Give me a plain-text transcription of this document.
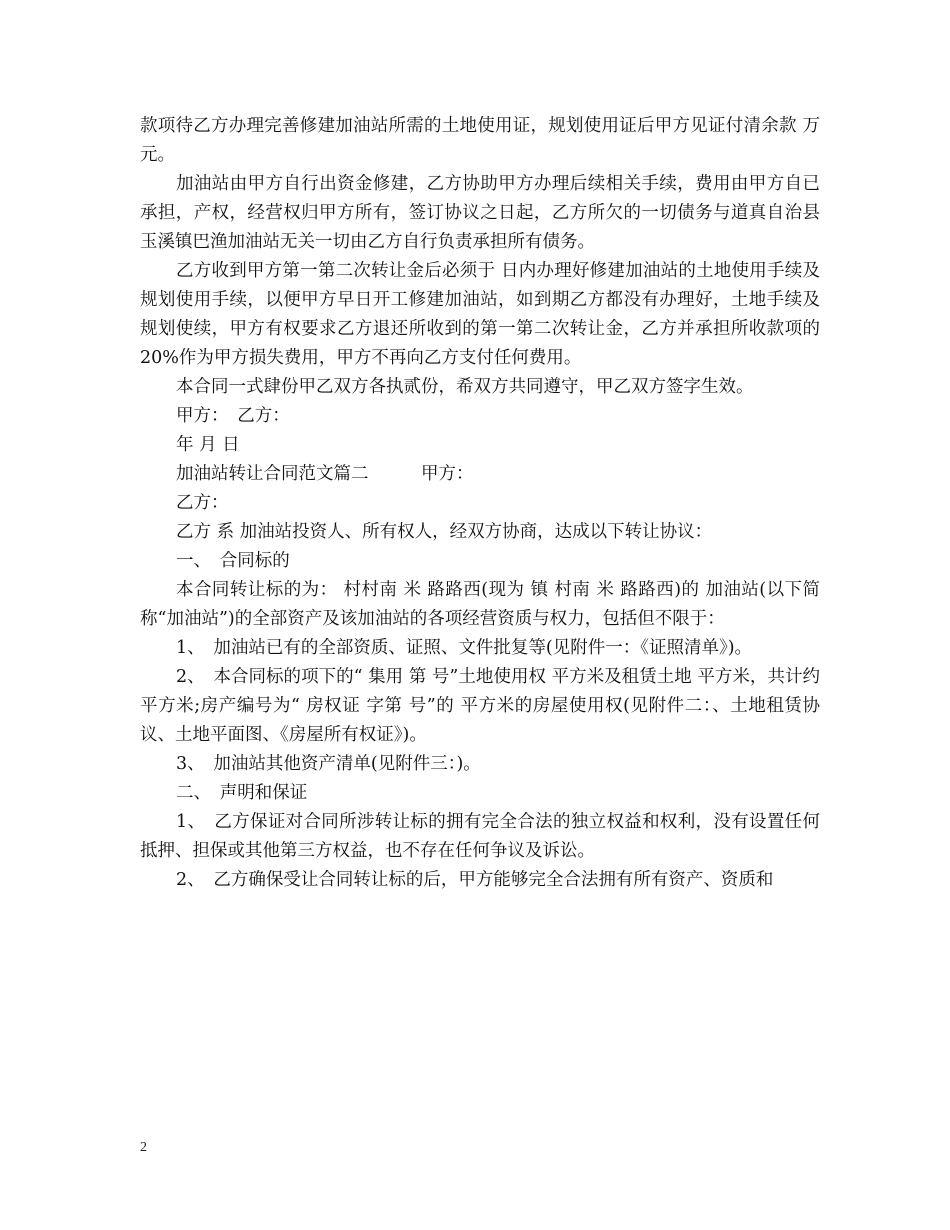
款项待乙方办理完善修建加油站所需的土地使用证，规划使用证后甲方见证付清余款 万元。

加油站由甲方自行出资金修建，乙方协助甲方办理后续相关手续，费用由甲方自已承担，产权，经营权归甲方所有，签订协议之日起，乙方所欠的一切债务与道真自治县玉溪镇巴渔加油站无关一切由乙方自行负责承担所有债务。

乙方收到甲方第一第二次转让金后必须于 日内办理好修建加油站的土地使用手续及规划使用手续，以便甲方早日开工修建加油站，如到期乙方都没有办理好，土地手续及规划使续，甲方有权要求乙方退还所收到的第一第二次转让金，乙方并承担所收款项的20%作为甲方损失费用，甲方不再向乙方支付任何费用。

本合同一式肆份甲乙双方各执贰份，希双方共同遵守，甲乙双方签字生效。

甲方：　乙方：

年 月 日

加油站转让合同范文篇二　　　甲方：

乙方：

乙方 系 加油站投资人、所有权人，经双方协商，达成以下转让协议：

一、　合同标的

本合同转让标的为： 村村南 米 路路西(现为 镇 村南 米 路路西)的 加油站(以下简称“加油站”)的全部资产及该加油站的各项经营资质与权力，包括但不限于：

1、　加油站已有的全部资质、证照、文件批复等(见附件一：《证照清单》)。

2、　本合同标的项下的“ 集用 第 号”土地使用权 平方米及租赁土地 平方米，共计约 平方米;房产编号为“ 房权证 字第 号”的 平方米的房屋使用权(见附件二：、土地租赁协议、土地平面图、《房屋所有权证》)。

3、　加油站其他资产清单(见附件三：)。

二、　声明和保证

1、　乙方保证对合同所涉转让标的拥有完全合法的独立权益和权利，没有设置任何抵押、担保或其他第三方权益，也不存在任何争议及诉讼。

2、　乙方确保受让合同转让标的后，甲方能够完全合法拥有所有资产、资质和

2
